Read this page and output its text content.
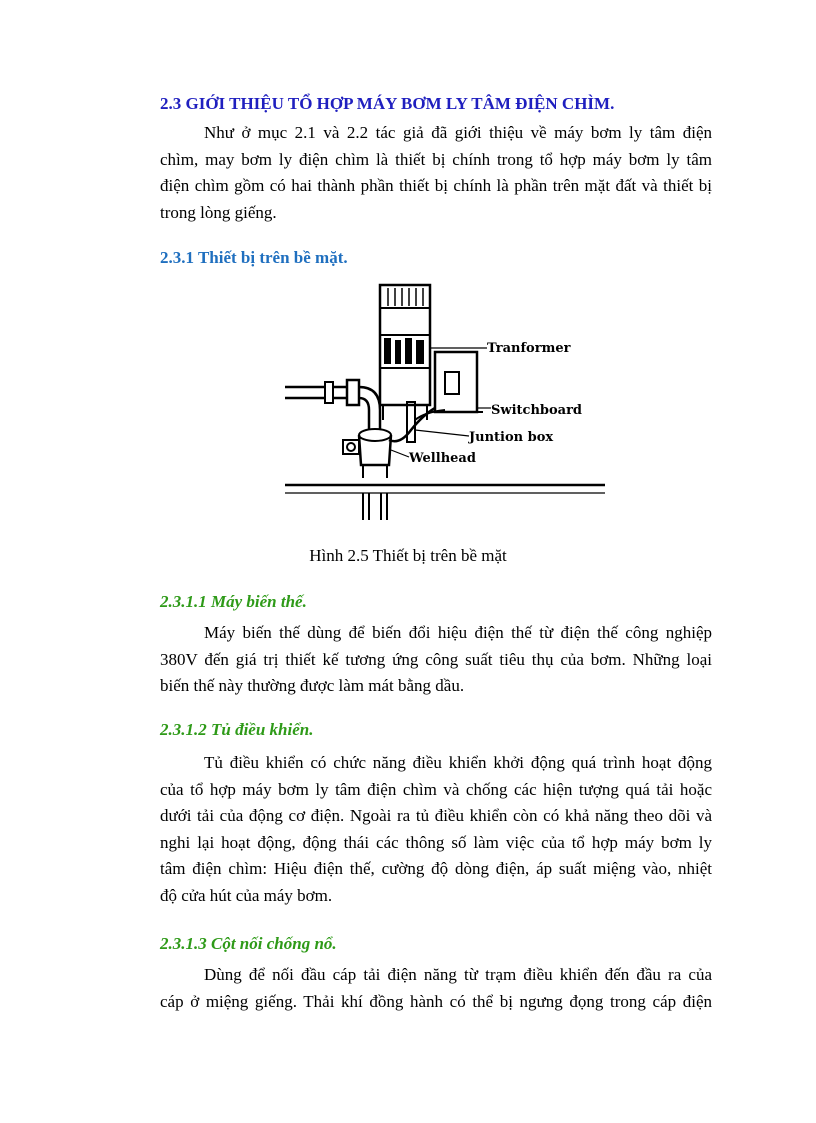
2.3 GIỚI THIỆU TỔ HỢP MÁY BƠM LY TÂM ĐIỆN CHÌM.
Như ở mục 2.1 và 2.2 tác giả đã giới thiệu về máy bơm ly tâm điện
chìm, may bơm ly điện chìm là thiết bị chính trong tổ hợp máy bơm ly tâm
điện chìm gồm có hai thành phần thiết bị chính là phần trên mặt đất và thiết bị
trong lòng giếng.
2.3.1 Thiết bị trên bề mặt.
Tranformer
Switchboard
Juntion box
Wellhead
Hình 2.5 Thiết bị trên bề mặt
2.3.1.1 Máy biến thế.
Máy biến thế dùng để biến đổi hiệu điện thế từ điện thế công nghiệp
380V đến giá trị thiết kế tương ứng công suất tiêu thụ của bơm. Những loại
biến thế này thường được làm mát bằng dầu.
2.3.1.2 Tủ điều khiển.
Tủ điều khiển có chức năng điều khiển khởi động quá trình hoạt động
của tổ hợp máy bơm ly tâm điện chìm và chống các hiện tượng quá tải hoặc
dưới tải của động cơ điện. Ngoài ra tủ điều khiển còn có khả năng theo dõi và
nghi lại hoạt động, động thái các thông số làm việc của tổ hợp máy bơm ly
tâm điện chìm: Hiệu điện thế, cường độ dòng điện, áp suất miệng vào, nhiệt
độ cửa hút của máy bơm.
2.3.1.3 Cột nối chống nổ.
Dùng để nối đầu cáp tải điện năng từ trạm điều khiển đến đầu ra của
cáp ở miệng giếng. Thải khí đồng hành có thể bị ngưng đọng trong cáp điện
